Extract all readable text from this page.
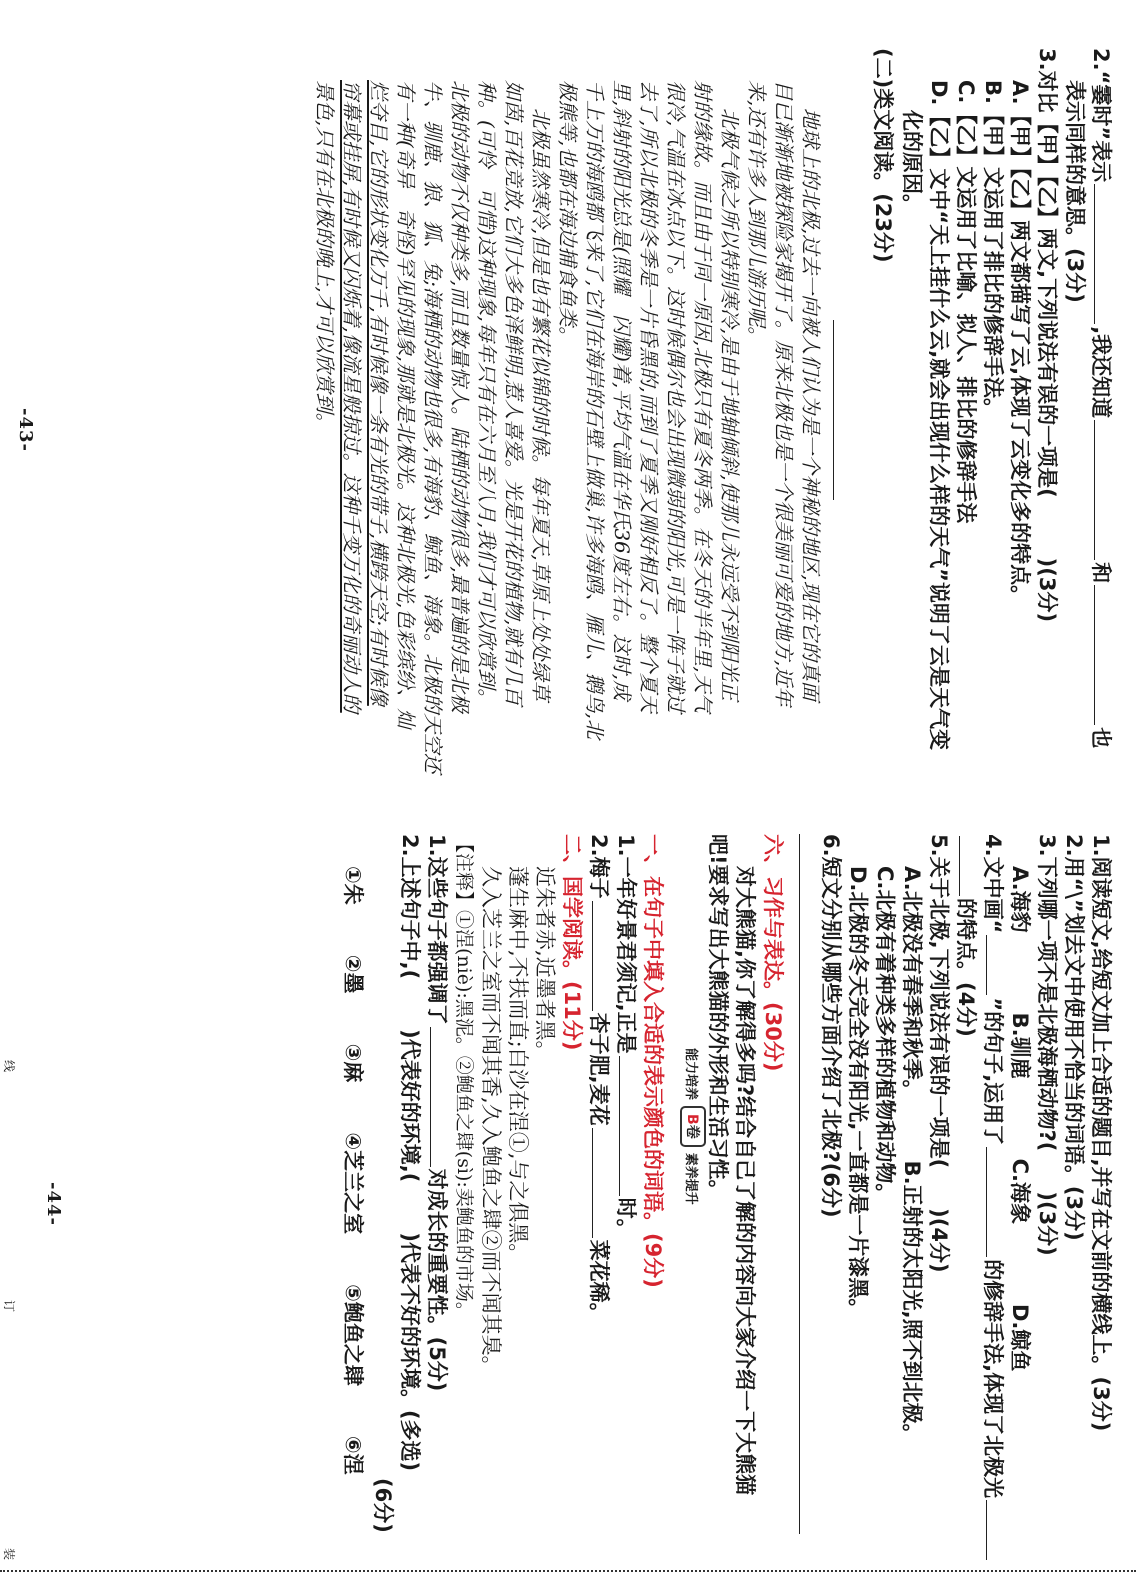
2.“霎时”表示,我还知道和也
表示同样的意思。(3分)
3.对比【甲】【乙】两文,下列说法有误的一项是()(3分)
A.【甲】【乙】两文都描写了云,体现了云变化多的特点。
B.【甲】文运用了排比的修辞手法。
C.【乙】文运用了比喻、拟人、排比的修辞手法
D.【乙】文中“天上挂什么云,就会出现什么样的天气”说明了云是天气变
化的原因。
(二)类文阅读。(23分)
地球上的北极,过去一向被人们认为是一个神秘的地区,现在它的真面
目已渐渐地被探险家揭开了。原来北极也是一个很美丽可爱的地方,近年
来,还有许多人到那儿游历呢。
北极气候之所以特别寒冷,是由于地轴倾斜,使那儿永远受不到阳光正
射的缘故。而且由于同一原因,北极只有夏冬两季。在冬天的半年里,天气
很冷,气温在冰点以下。这时候偶尔也会出现微弱的阳光,可是一阵子就过
去了,所以北极的冬季是一片昏黑的,而到了夏季又刚好相反了。整个夏天
里,斜射的阳光总是(照耀　闪耀)着,平均气温在华氏36度左右。这时,成
千上万的海鸥都飞来了,它们在海岸的石壁上做巢,许多海鸥、雁儿、鹅鸟,北
极熊等,也都在海边捕食鱼类。
北极虽然寒冷,但是也有繁花似锦的时候。每年夏天,草原上处处绿草
如茵,百花竞放,它们大多色泽鲜明,惹人喜爱。光是开花的植物,就有几百
种。(可怜　可惜)这种现象,每年只有在六月至八月,我们才可以欣赏到。
北极的动物不仅种类多,而且数量惊人。陆栖的动物很多,最普遍的是北极
牛、驯鹿、狼、狐、兔;海栖的动物也很多,有海豹、鲸鱼、海象。北极的天空还
有一种(奇异　奇怪)罕见的现象,那就是北极光。这种北极光,色彩缤纷、灿
烂夺目,它的形状变化万千,有时候像一条有光的带子,横跨天空;有时候像
帘幕或挂屏,有时候又闪烁着,像流星般掠过。这种千变万化的奇丽动人的
景色,只有在北极的晚上,才可以欣赏到。
-43-
1.阅读短文,给短文加上合适的题目,并写在文前的横线上。(3分)
2.用“\”划去文中使用不恰当的词语。(3分)
3.下列哪一项不是北极海栖动物?()(3分)
A.海豹B.驯鹿C.海象D.鲸鱼
4.文中画“”的句子,运用了的修辞手法,体现了北极光
的特点。(4分)
5.关于北极,下列说法有误的一项是()(4分)
A.北极没有春季和秋季。B.正射的太阳光,照不到北极。
C.北极有着种类多样的植物和动物。
D.北极的冬天完全没有阳光,一直都是一片漆黑。
6.短文分别从哪些方面介绍了北极?(6分)
六、习作与表达。(30分)
对大熊猫,你了解得多吗?结合自己了解的内容向大家介绍一下大熊猫
吧!要求写出大熊猫的外形和生活习性。
能力培养
B卷
素养提升
一、在句子中填入合适的表示颜色的词语。(9分)
1.一年好景君须记,正是时。
2.梅子杏子肥,麦花菜花稀。
二、国学阅读。(11分)
近朱者赤,近墨者黑。
蓬生麻中,不扶而直;白沙在涅①,与之俱黑。
久入芝兰之室而不闻其香,久入鲍鱼之肆②而不闻其臭。
【注释】①涅(niè):黑泥。②鲍鱼之肆(sì):卖鲍鱼的市场。
1.这些句子都强调了对成长的重要性。(5分)
2.上述句子中,()代表好的环境,()代表不好的环境。(多选)
(6分)
①朱②墨③麻④芝兰之室⑤鲍鱼之肆⑥涅
-44-
装
订
线
